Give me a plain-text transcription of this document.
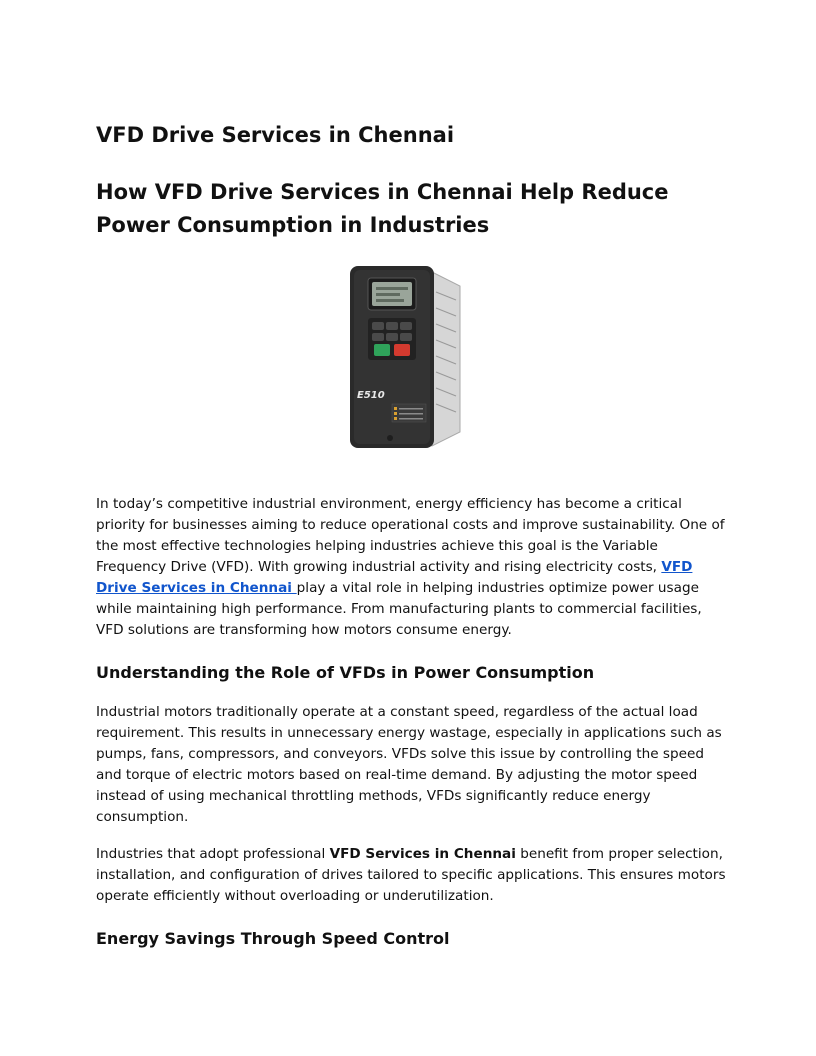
VFD Drive Services in Chennai
How VFD Drive Services in Chennai Help Reduce Power Consumption in Industries
E510

In today’s competitive industrial environment, energy efficiency has become a critical priority for businesses aiming to reduce operational costs and improve sustainability. One of the most effective technologies helping industries achieve this goal is the Variable Frequency Drive (VFD). With growing industrial activity and rising electricity costs, VFD Drive Services in Chennai play a vital role in helping industries optimize power usage while maintaining high performance. From manufacturing plants to commercial facilities, VFD solutions are transforming how motors consume energy.

Understanding the Role of VFDs in Power Consumption

Industrial motors traditionally operate at a constant speed, regardless of the actual load requirement. This results in unnecessary energy wastage, especially in applications such as pumps, fans, compressors, and conveyors. VFDs solve this issue by controlling the speed and torque of electric motors based on real-time demand. By adjusting the motor speed instead of using mechanical throttling methods, VFDs significantly reduce energy consumption.

Industries that adopt professional VFD Services in Chennai benefit from proper selection, installation, and configuration of drives tailored to specific applications. This ensures motors operate efficiently without overloading or underutilization.

Energy Savings Through Speed Control
